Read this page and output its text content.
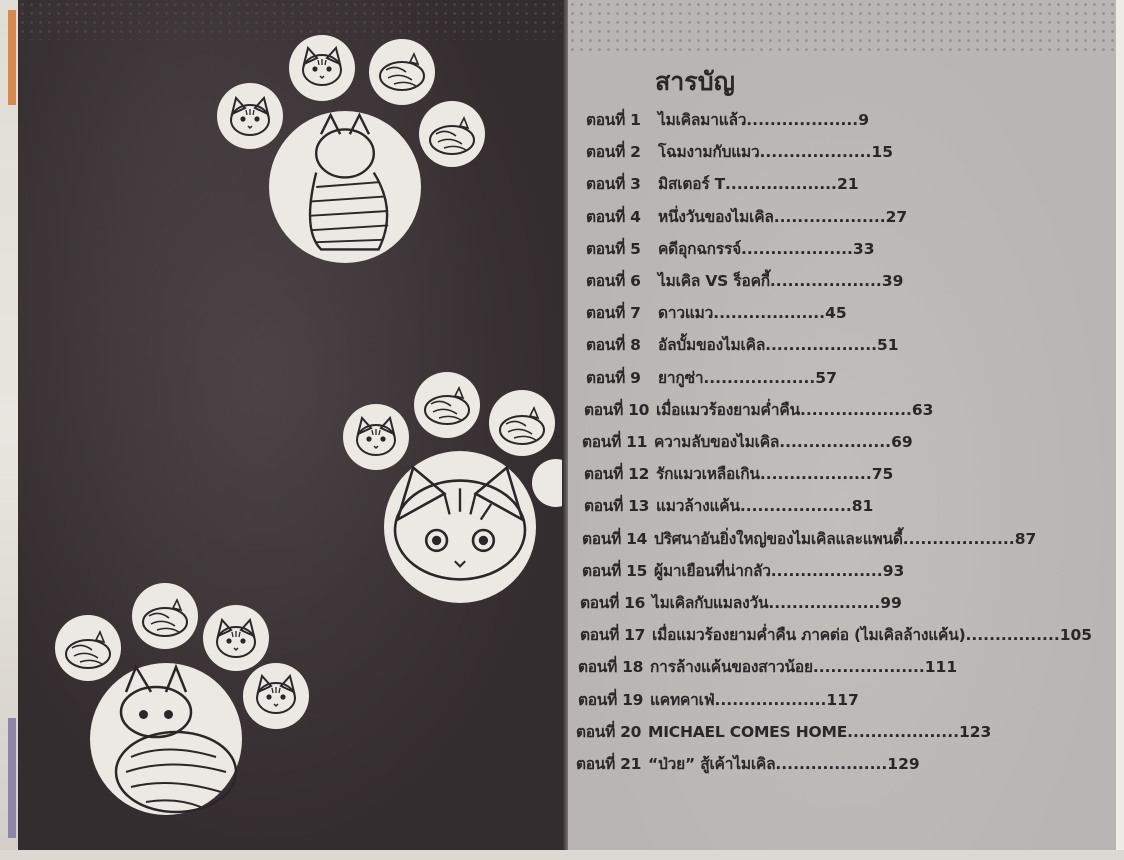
สารบัญ
ตอนที่ 1 ไมเคิลมาแล้ว...................9
ตอนที่ 2 โฉมงามกับแมว...................15
ตอนที่ 3 มิสเตอร์ T...................21
ตอนที่ 4 หนึ่งวันของไมเคิล...................27
ตอนที่ 5 คดีอุกฉกรรจ์...................33
ตอนที่ 6 ไมเคิล VS ร็อคกี้...................39
ตอนที่ 7 ดาวแมว...................45
ตอนที่ 8 อัลบั้มของไมเคิล...................51
ตอนที่ 9 ยากูซ่า...................57
ตอนที่ 10 เมื่อแมวร้องยามค่ำคืน...................63
ตอนที่ 11 ความลับของไมเคิล...................69
ตอนที่ 12 รักแมวเหลือเกิน...................75
ตอนที่ 13 แมวล้างแค้น...................81
ตอนที่ 14 ปริศนาอันยิ่งใหญ่ของไมเคิลและแพนดี้...................87
ตอนที่ 15 ผู้มาเยือนที่น่ากลัว...................93
ตอนที่ 16 ไมเคิลกับแมลงวัน...................99
ตอนที่ 17 เมื่อแมวร้องยามค่ำคืน ภาคต่อ (ไมเคิลล้างแค้น)................105
ตอนที่ 18 การล้างแค้นของสาวน้อย...................111
ตอนที่ 19 แคทคาเฟ่...................117
ตอนที่ 20 MICHAEL COMES HOME...................123
ตอนที่ 21 “ป่วย” สู้เค้าไมเคิล...................129
